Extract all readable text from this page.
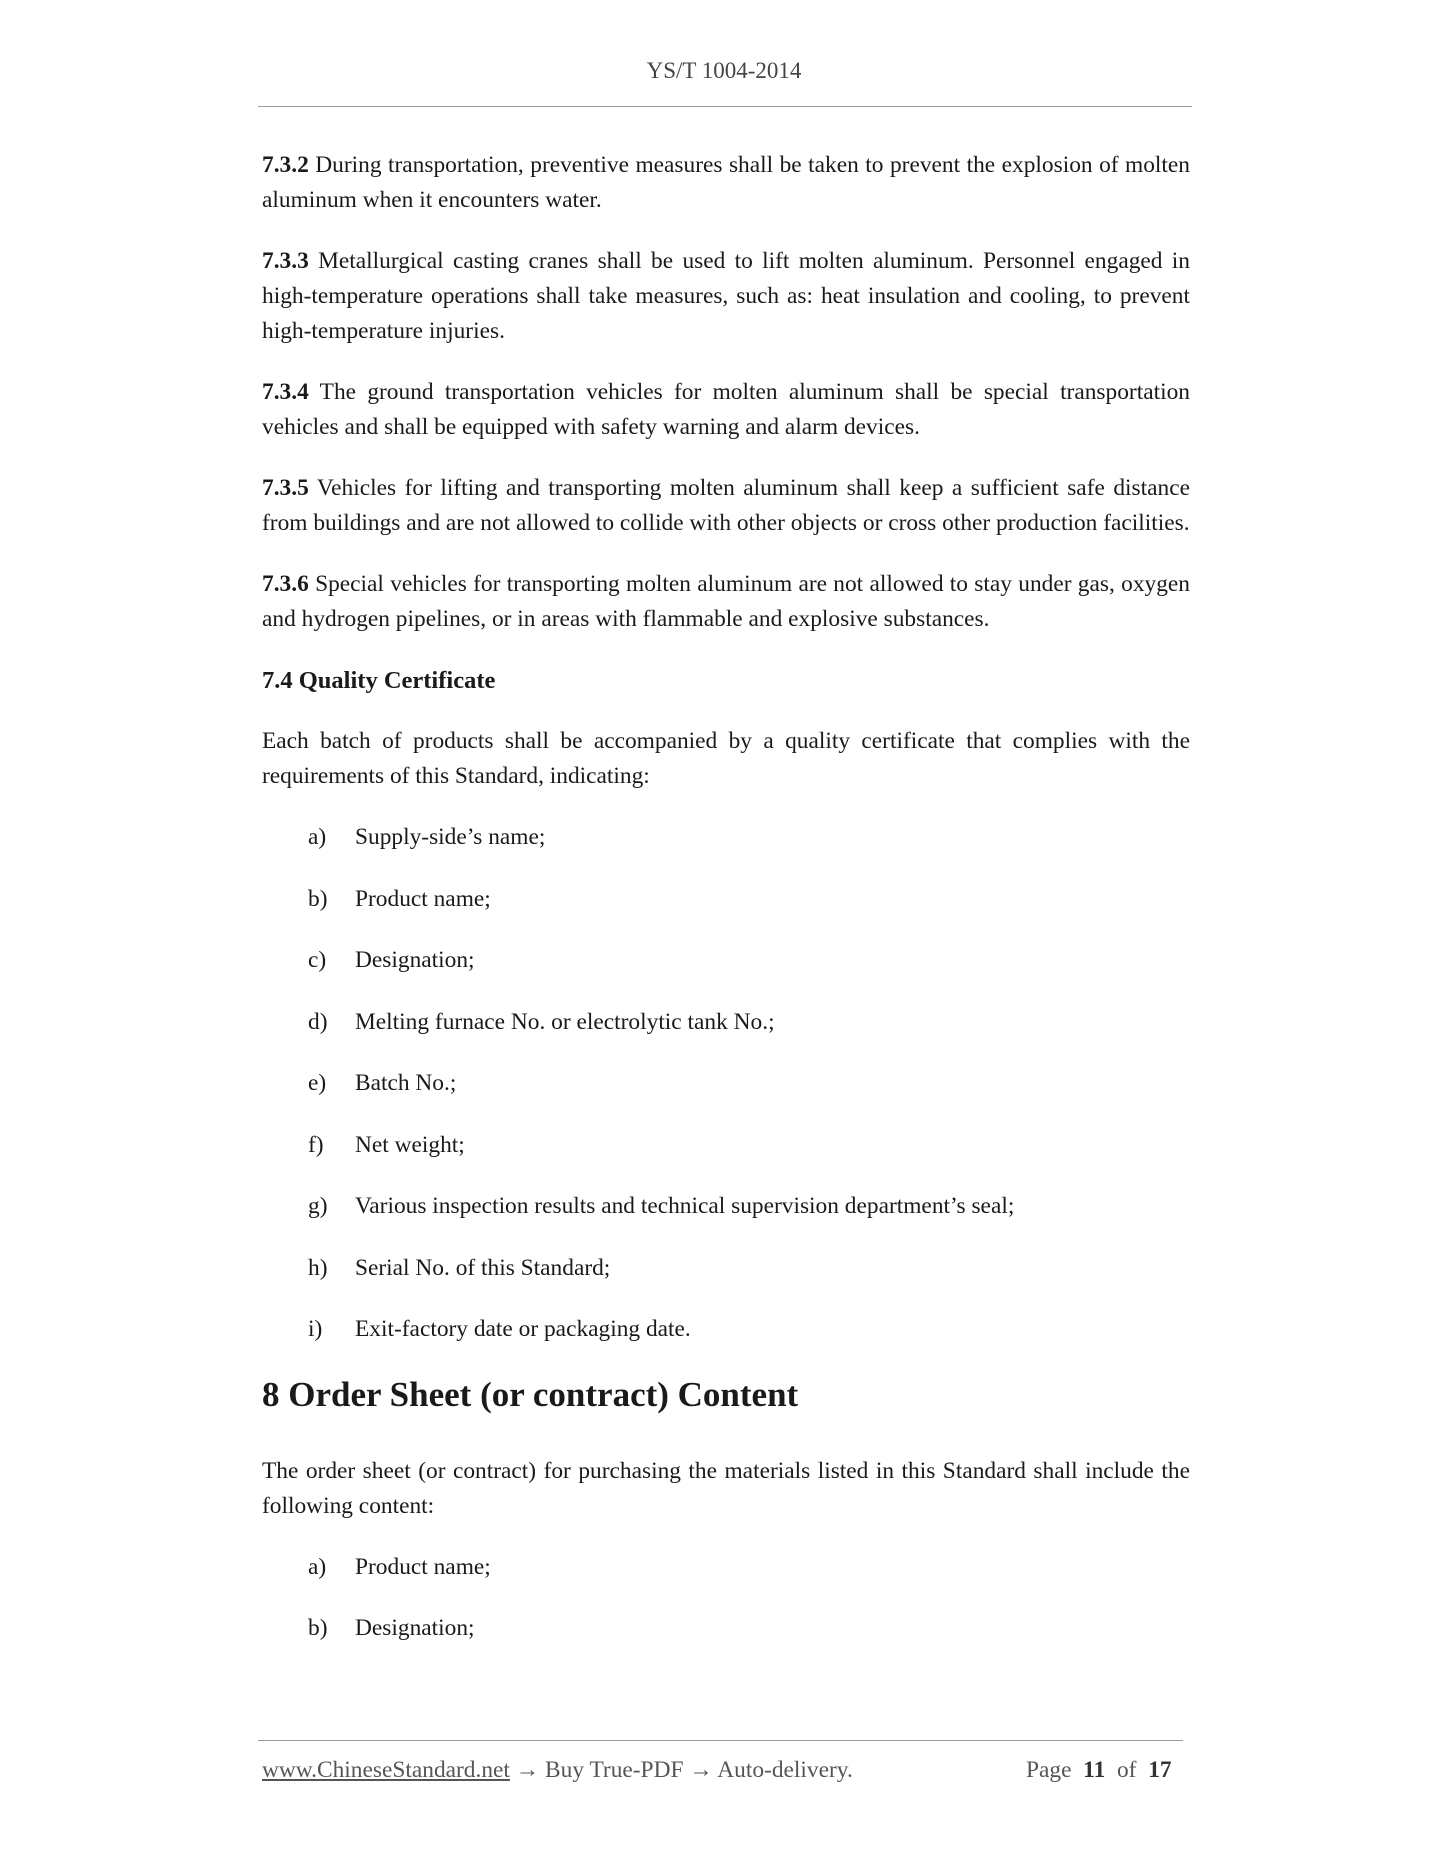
YS/T 1004-2014

7.3.2 During transportation, preventive measures shall be taken to prevent the explosion of molten aluminum when it encounters water.

7.3.3 Metallurgical casting cranes shall be used to lift molten aluminum. Personnel engaged in high-temperature operations shall take measures, such as: heat insulation and cooling, to prevent high-temperature injuries.

7.3.4 The ground transportation vehicles for molten aluminum shall be special transportation vehicles and shall be equipped with safety warning and alarm devices.

7.3.5 Vehicles for lifting and transporting molten aluminum shall keep a sufficient safe distance from buildings and are not allowed to collide with other objects or cross other production facilities.

7.3.6 Special vehicles for transporting molten aluminum are not allowed to stay under gas, oxygen and hydrogen pipelines, or in areas with flammable and explosive substances.

7.4 Quality Certificate

Each batch of products shall be accompanied by a quality certificate that complies with the requirements of this Standard, indicating:

a)	Supply-side’s name;
b)	Product name;
c)	Designation;
d)	Melting furnace No. or electrolytic tank No.;
e)	Batch No.;
f)	Net weight;
g)	Various inspection results and technical supervision department’s seal;
h)	Serial No. of this Standard;
i)	Exit-factory date or packaging date.
8 Order Sheet (or contract) Content

The order sheet (or contract) for purchasing the materials listed in this Standard shall include the following content:

a)	Product name;
b)	Designation;
www.ChineseStandard.net → Buy True-PDF → Auto-delivery.	Page 11 of 17
